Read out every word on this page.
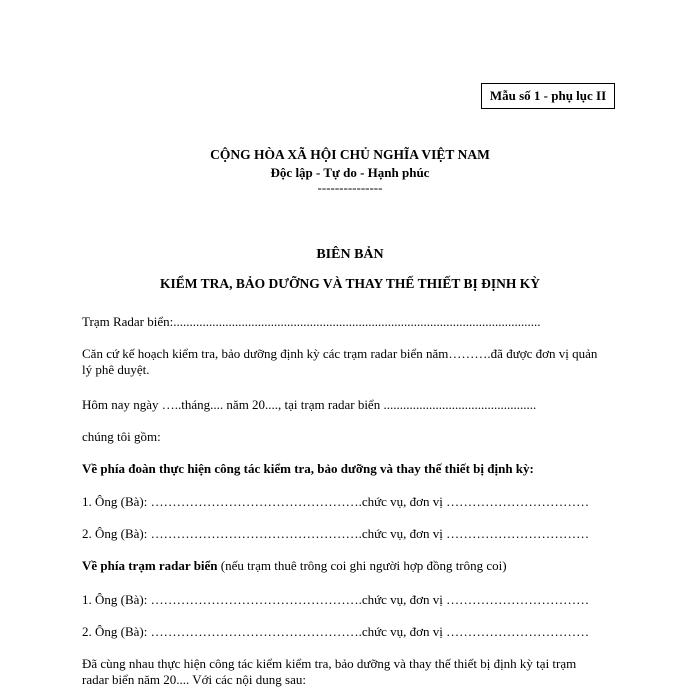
Mẫu số 1 - phụ lục II
CỘNG HÒA XÃ HỘI CHỦ NGHĨA VIỆT NAM
Độc lập - Tự do - Hạnh phúc
---------------
BIÊN BẢN
KIỂM TRA, BẢO DƯỠNG VÀ THAY THẾ THIẾT BỊ ĐỊNH KỲ
Trạm Radar biển:.................................................................................................................
Căn cứ kế hoạch kiểm tra, bảo dưỡng định kỳ các trạm radar biển năm……….đã được đơn vị quản lý phê duyệt.
Hôm nay ngày …..tháng.... năm 20...., tại trạm radar biển ...............................................
chúng tôi gồm:
Về phía đoàn thực hiện công tác kiểm tra, bảo dưỡng và thay thế thiết bị định kỳ:
1. Ông (Bà): ………………………………………….chức vụ, đơn vị ……………………………
2. Ông (Bà): ………………………………………….chức vụ, đơn vị ……………………………
Về phía trạm radar biển (nếu trạm thuê trông coi ghi người hợp đồng trông coi)
1. Ông (Bà): ………………………………………….chức vụ, đơn vị ……………………………
2. Ông (Bà): ………………………………………….chức vụ, đơn vị ……………………………
Đã cùng nhau thực hiện công tác kiểm kiểm tra, bảo dưỡng và thay thế thiết bị định kỳ tại trạm radar biển năm 20.... Với các nội dung sau:
